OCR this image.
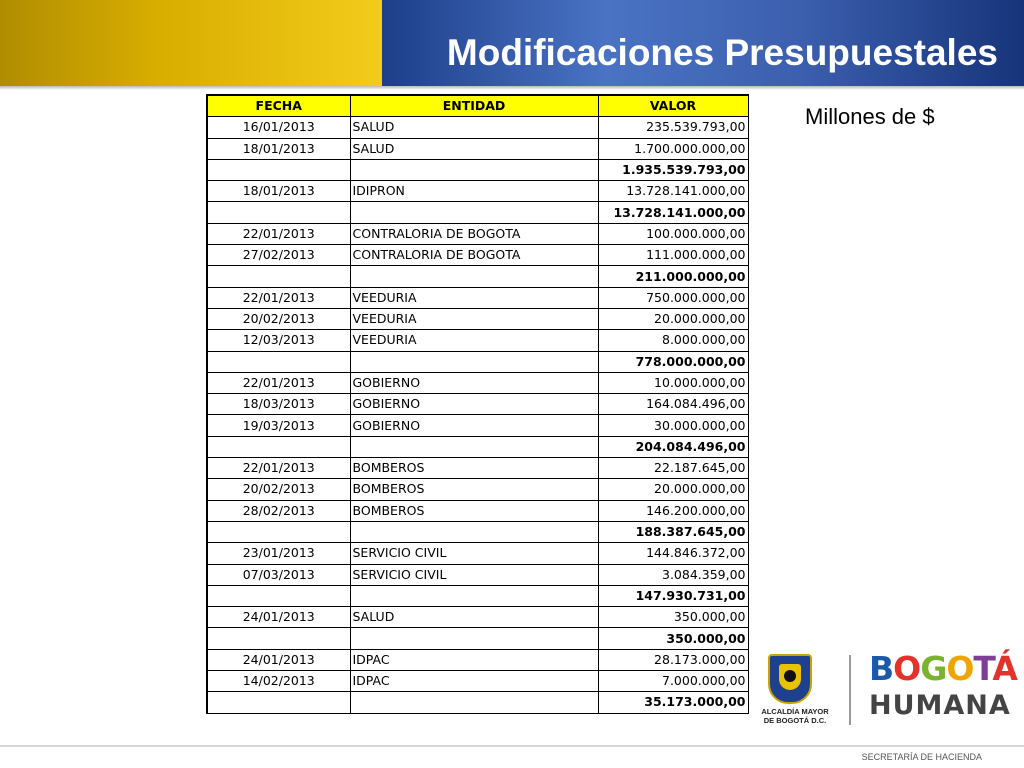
Modificaciones Presupuestales
Millones de $
FECHA	ENTIDAD	VALOR
16/01/2013	SALUD	235.539.793,00
18/01/2013	SALUD	1.700.000.000,00
		1.935.539.793,00
18/01/2013	IDIPRON	13.728.141.000,00
		13.728.141.000,00
22/01/2013	CONTRALORIA DE BOGOTA	100.000.000,00
27/02/2013	CONTRALORIA DE BOGOTA	111.000.000,00
		211.000.000,00
22/01/2013	VEEDURIA	750.000.000,00
20/02/2013	VEEDURIA	20.000.000,00
12/03/2013	VEEDURIA	8.000.000,00
		778.000.000,00
22/01/2013	GOBIERNO	10.000.000,00
18/03/2013	GOBIERNO	164.084.496,00
19/03/2013	GOBIERNO	30.000.000,00
		204.084.496,00
22/01/2013	BOMBEROS	22.187.645,00
20/02/2013	BOMBEROS	20.000.000,00
28/02/2013	BOMBEROS	146.200.000,00
		188.387.645,00
23/01/2013	SERVICIO CIVIL	144.846.372,00
07/03/2013	SERVICIO CIVIL	3.084.359,00
		147.930.731,00
24/01/2013	SALUD	350.000,00
		350.000,00
24/01/2013	IDPAC	28.173.000,00
14/02/2013	IDPAC	7.000.000,00
		35.173.000,00
ALCALDÍA MAYOR
DE BOGOTÁ D.C.

BOGOTÁ

HUMANA

SECRETARÍA DE HACIENDA
